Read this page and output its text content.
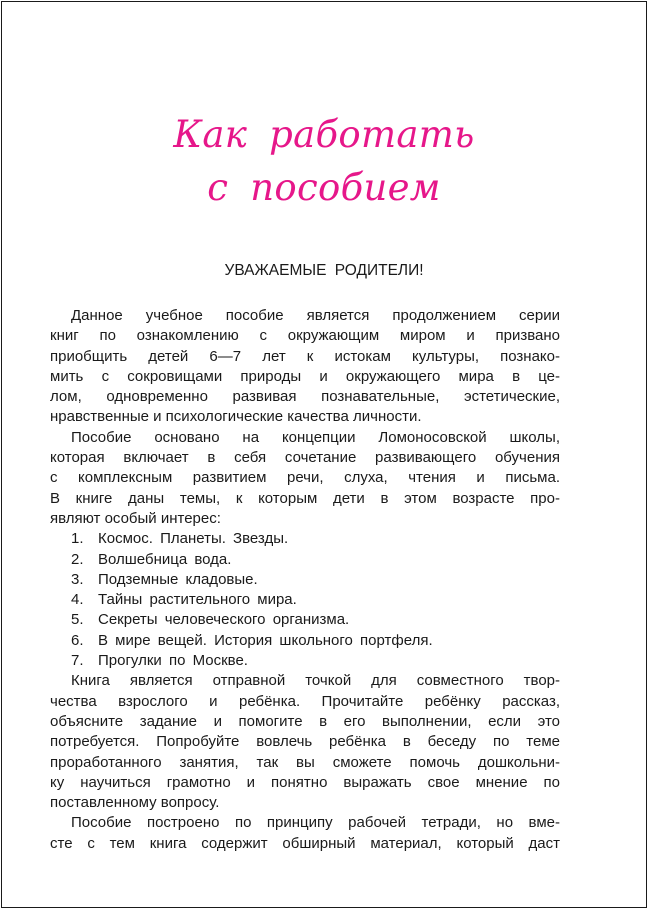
Как работать
с пособием
УВАЖАЕМЫЕ РОДИТЕЛИ!
Данное учебное пособие является продолжением серии
книг по ознакомлению с окружающим миром и призвано
приобщить детей 6—7 лет к истокам культуры, познако-
мить с сокровищами природы и окружающего мира в це-
лом, одновременно развивая познавательные, эстетические,
нравственные и психологические качества личности.
Пособие основано на концепции Ломоносовской школы,
которая включает в себя сочетание развивающего обучения
с комплексным развитием речи, слуха, чтения и письма.
В книге даны темы, к которым дети в этом возрасте про-
являют особый интерес:
1. Космос. Планеты. Звезды.
2. Волшебница вода.
3. Подземные кладовые.
4. Тайны растительного мира.
5. Секреты человеческого организма.
6. В мире вещей. История школьного портфеля.
7. Прогулки по Москве.
Книга является отправной точкой для совместного твор-
чества взрослого и ребёнка. Прочитайте ребёнку рассказ,
объясните задание и помогите в его выполнении, если это
потребуется. Попробуйте вовлечь ребёнка в беседу по теме
проработанного занятия, так вы сможете помочь дошкольни-
ку научиться грамотно и понятно выражать свое мнение по
поставленному вопросу.
Пособие построено по принципу рабочей тетради, но вме-
сте с тем книга содержит обширный материал, который даст
